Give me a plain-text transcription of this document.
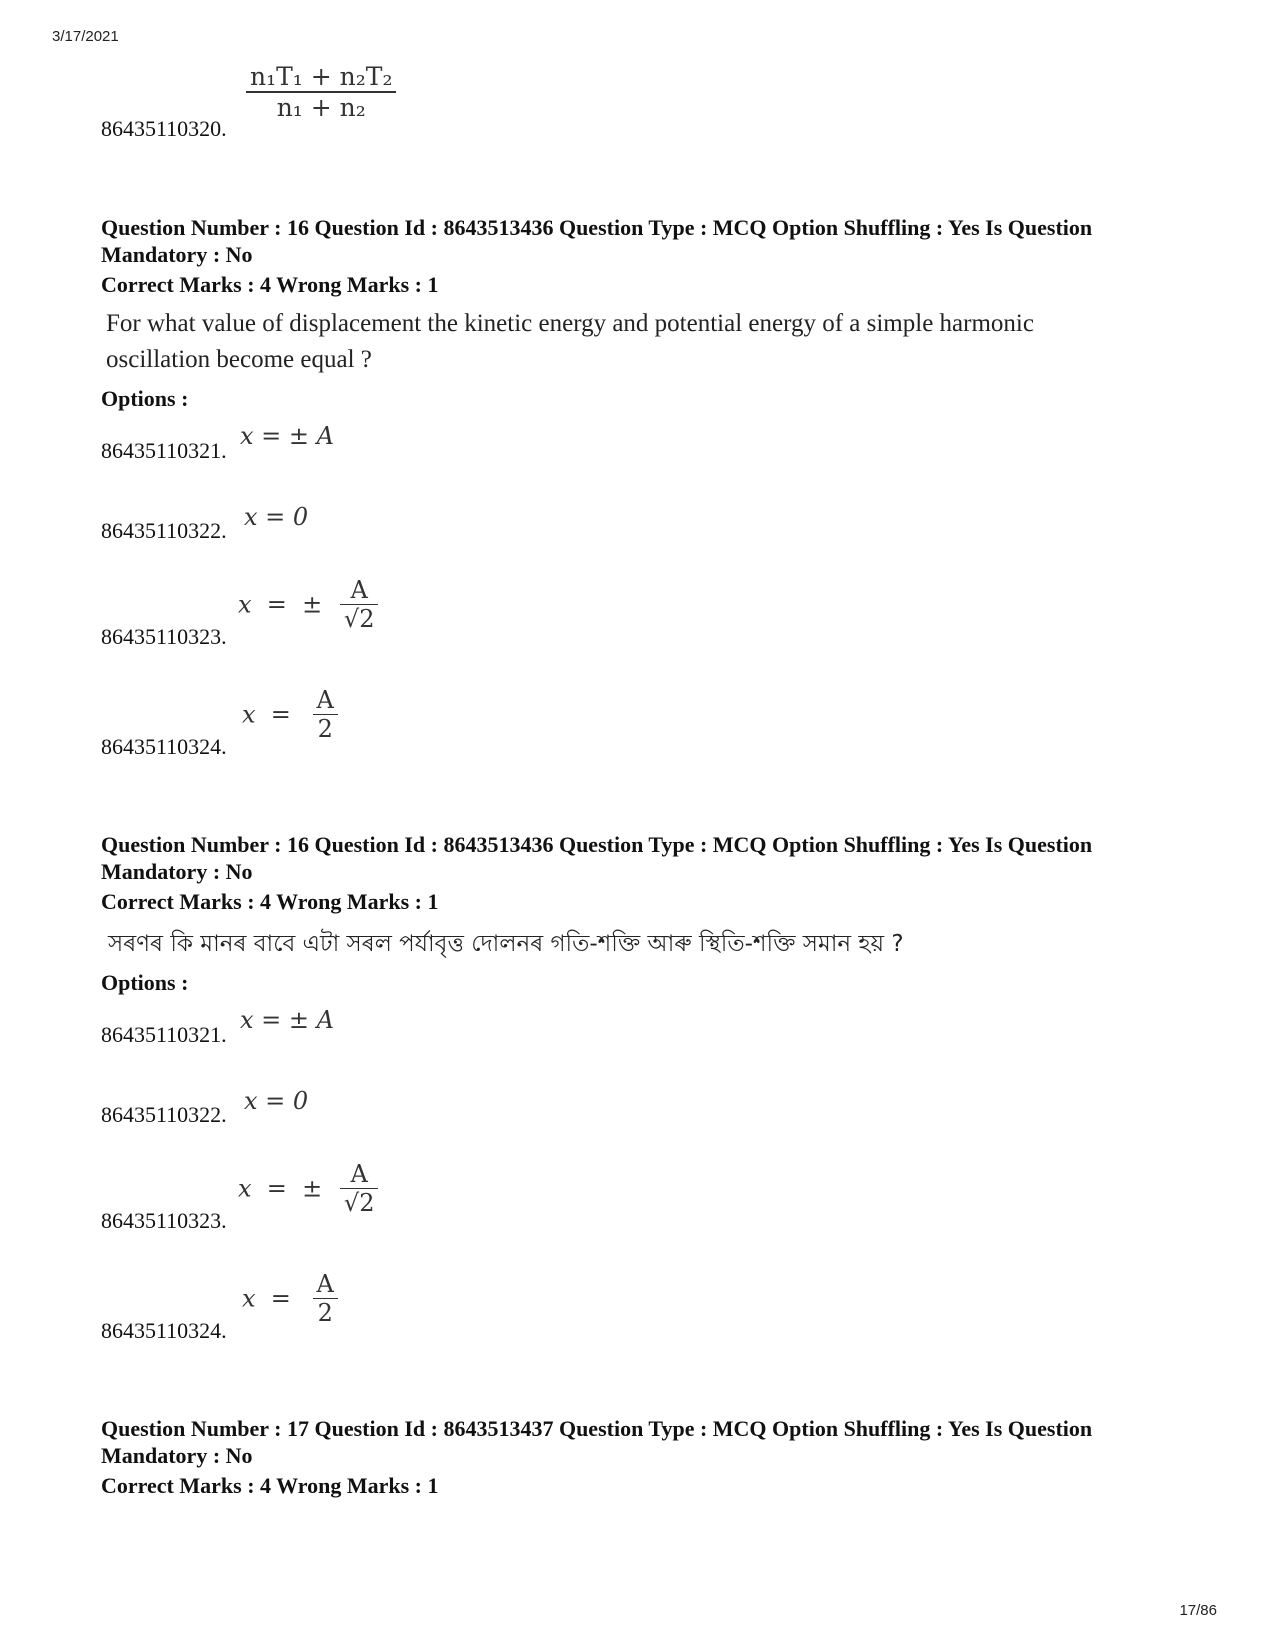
3/17/2021
$\frac{\text{n₁T₁ + n₂T₂}}{\text{n₁ + n₂}}$
86435110320.
Question Number : 16 Question Id : 8643513436 Question Type : MCQ Option Shuffling : Yes Is Question Mandatory : No
Correct Marks : 4 Wrong Marks : 1
For what value of displacement the kinetic energy and potential energy of a simple harmonic
oscillation become equal ?
Options :
x = ± A
86435110321.
x = 0
86435110322.
x  =  ± $\frac{A}{√2}$
86435110323.
$x = \frac{A}{2}$
86435110324.
Question Number : 16 Question Id : 8643513436 Question Type : MCQ Option Shuffling : Yes Is Question Mandatory : No
Correct Marks : 4 Wrong Marks : 1
সৰণৰ কি মানৰ বাবে এটা সৰল পৰ্যাবৃত্ত দোলনৰ গতি-শক্তি আৰু স্থিতি-শক্তি সমান হয় ?
Options :
x = ± A
86435110321.
x = 0
86435110322.
x  =  ± $\frac{A}{√2}$
86435110323.
$x = \frac{A}{2}$
86435110324.
Question Number : 17 Question Id : 8643513437 Question Type : MCQ Option Shuffling : Yes Is Question Mandatory : No
Correct Marks : 4 Wrong Marks : 1
17/86
